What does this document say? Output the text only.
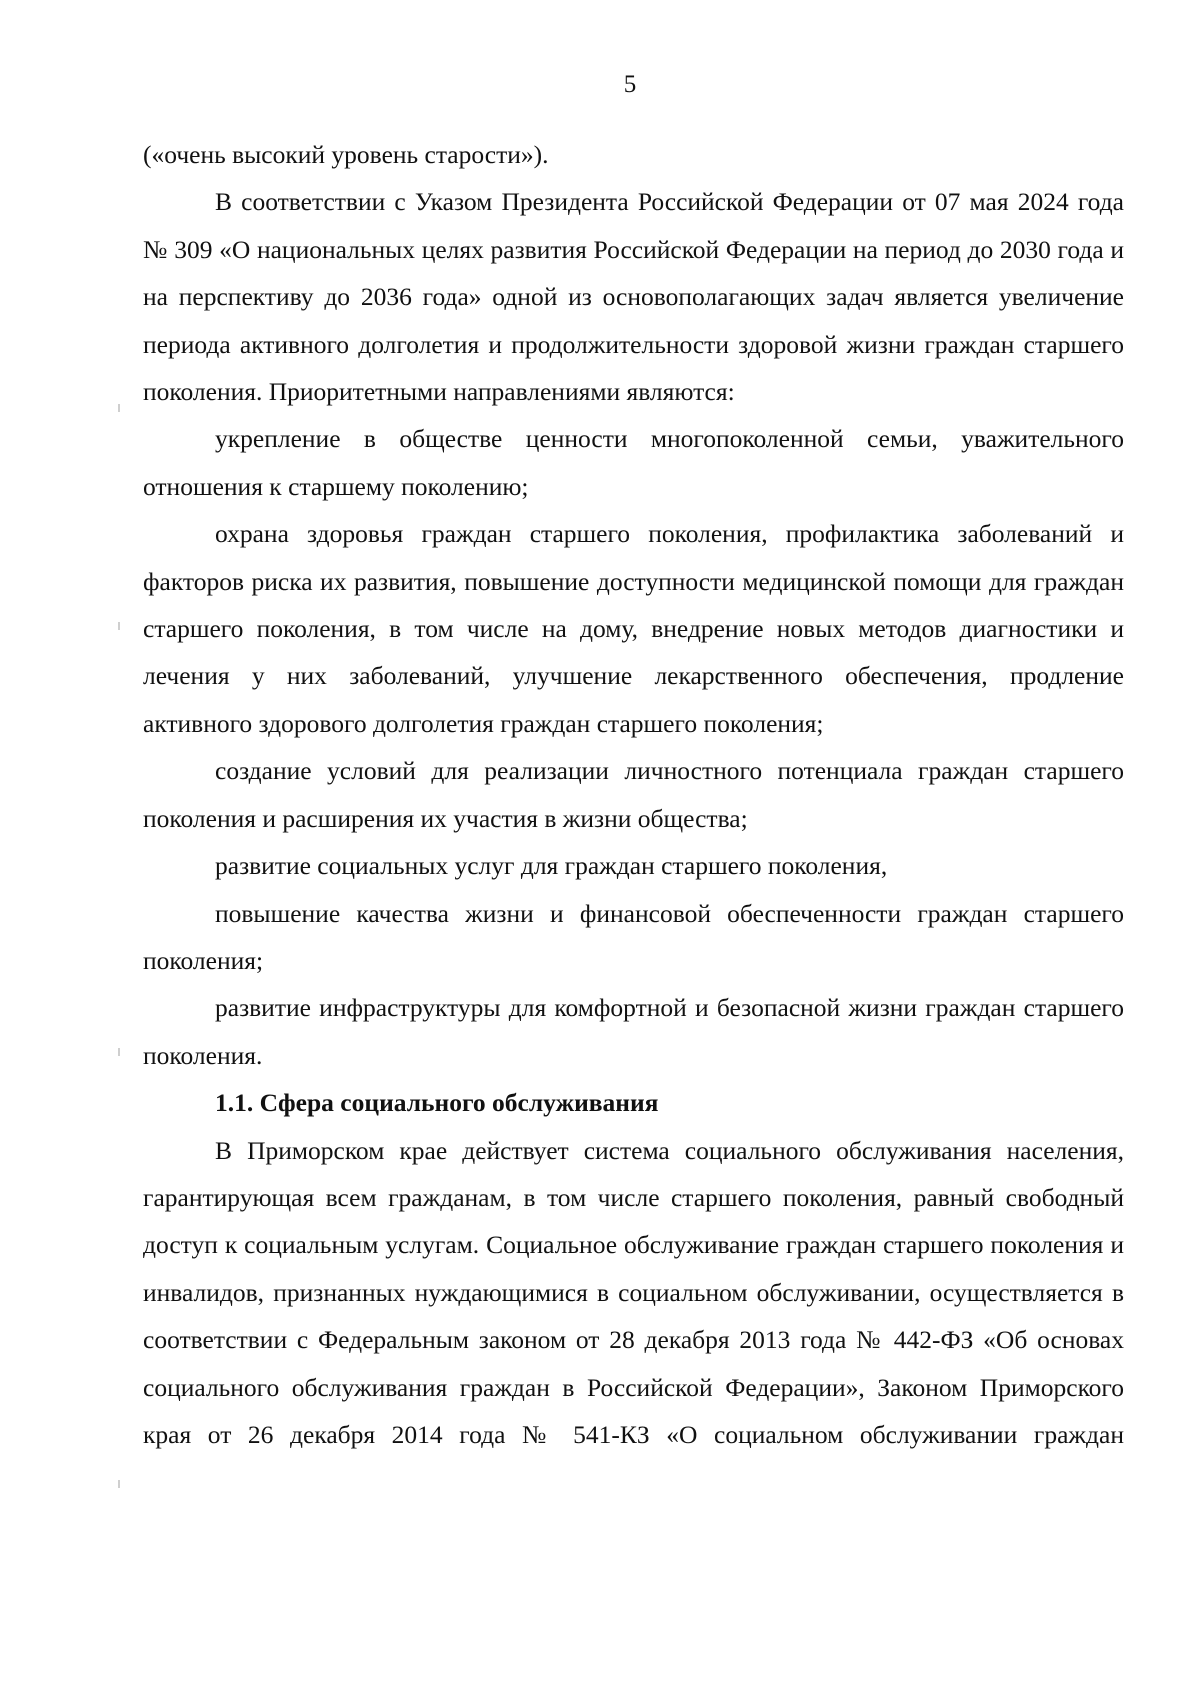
5

(«очень высокий уровень старости»).

В соответствии с Указом Президента Российской Федерации от 07 мая 2024 года № 309 «О национальных целях развития Российской Федерации на период до 2030 года и на перспективу до 2036 года» одной из основополагающих задач является увеличение периода активного долголетия и продолжительности здоровой жизни граждан старшего поколения. Приоритетными направлениями являются:

укрепление в обществе ценности многопоколенной семьи, уважительного отношения к старшему поколению;

охрана здоровья граждан старшего поколения, профилактика заболеваний и факторов риска их развития, повышение доступности медицинской помощи для граждан старшего поколения, в том числе на дому, внедрение новых методов диагностики и лечения у них заболеваний, улучшение лекарственного обеспечения, продление активного здорового долголетия граждан старшего поколения;

создание условий для реализации личностного потенциала граждан старшего поколения и расширения их участия в жизни общества;

развитие социальных услуг для граждан старшего поколения,

повышение качества жизни и финансовой обеспеченности граждан старшего поколения;

развитие инфраструктуры для комфортной и безопасной жизни граждан старшего поколения.

1.1. Сфера социального обслуживания

В Приморском крае действует система социального обслуживания населения, гарантирующая всем гражданам, в том числе старшего поколения, равный свободный доступ к социальным услугам. Социальное обслуживание граждан старшего поколения и инвалидов, признанных нуждающимися в социальном обслуживании, осуществляется в соответствии с Федеральным законом от 28 декабря 2013 года № 442-ФЗ «Об основах социального обслуживания граждан в Российской Федерации», Законом Приморского края от 26 декабря 2014 года № 541-КЗ «О социальном обслуживании граждан
